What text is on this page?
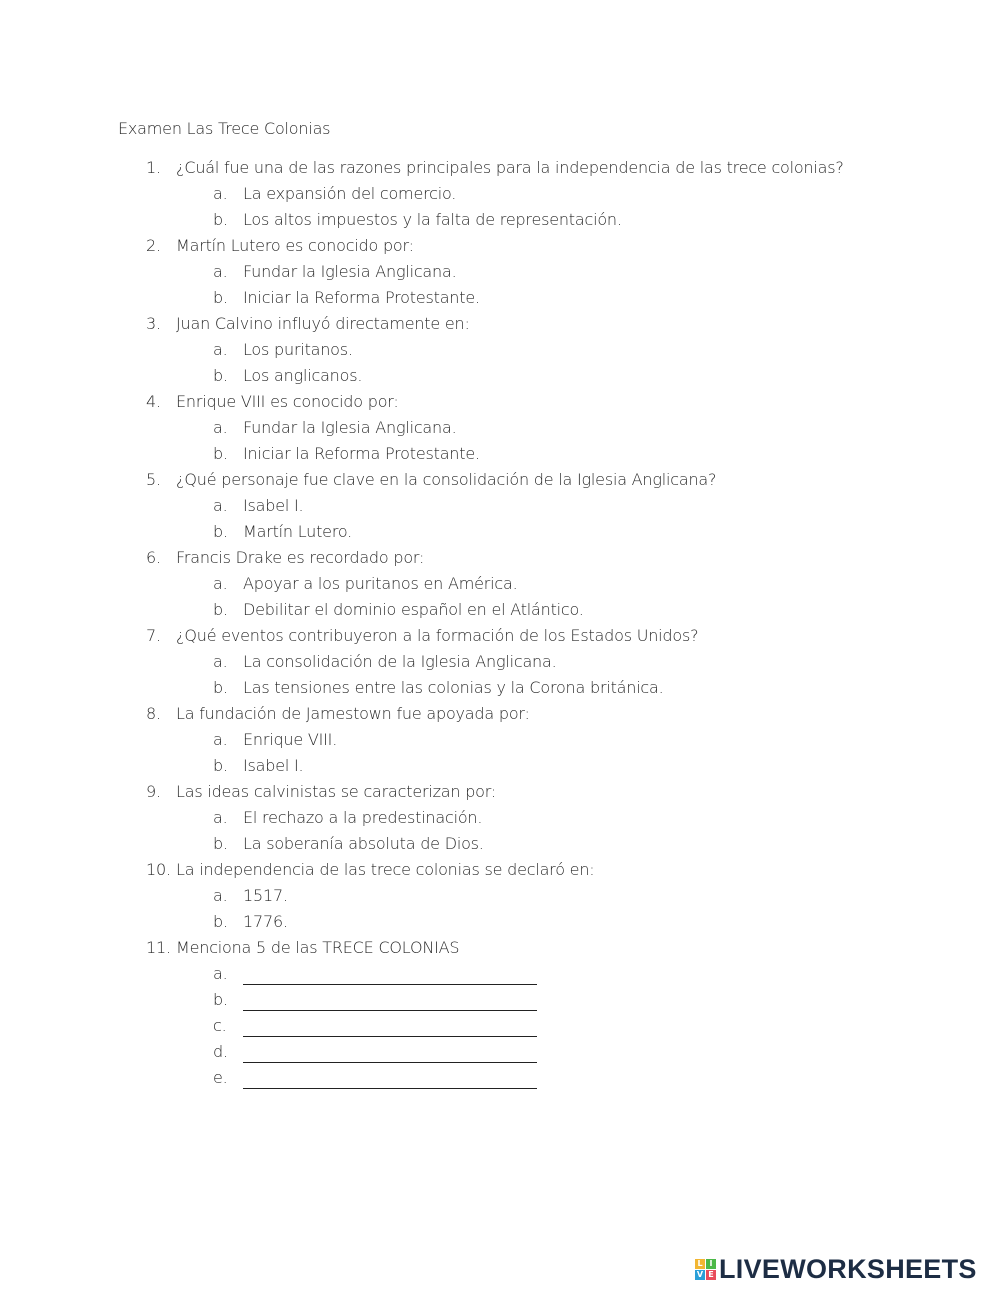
Examen Las Trece Colonias
1. ¿Cuál fue una de las razones principales para la independencia de las trece colonias?
a. La expansión del comercio.
b. Los altos impuestos y la falta de representación.
2. Martín Lutero es conocido por:
a. Fundar la Iglesia Anglicana.
b. Iniciar la Reforma Protestante.
3. Juan Calvino influyó directamente en:
a. Los puritanos.
b. Los anglicanos.
4. Enrique VIII es conocido por:
a. Fundar la Iglesia Anglicana.
b. Iniciar la Reforma Protestante.
5. ¿Qué personaje fue clave en la consolidación de la Iglesia Anglicana?
a. Isabel I.
b. Martín Lutero.
6. Francis Drake es recordado por:
a. Apoyar a los puritanos en América.
b. Debilitar el dominio español en el Atlántico.
7. ¿Qué eventos contribuyeron a la formación de los Estados Unidos?
a. La consolidación de la Iglesia Anglicana.
b. Las tensiones entre las colonias y la Corona británica.
8. La fundación de Jamestown fue apoyada por:
a. Enrique VIII.
b. Isabel I.
9. Las ideas calvinistas se caracterizan por:
a. El rechazo a la predestinación.
b. La soberanía absoluta de Dios.
10. La independencia de las trece colonias se declaró en:
a. 1517.
b. 1776.
11. Menciona 5 de las TRECE COLONIAS
a.
b.
c.
d.
e.
L I
V E LIVEWORKSHEETS
